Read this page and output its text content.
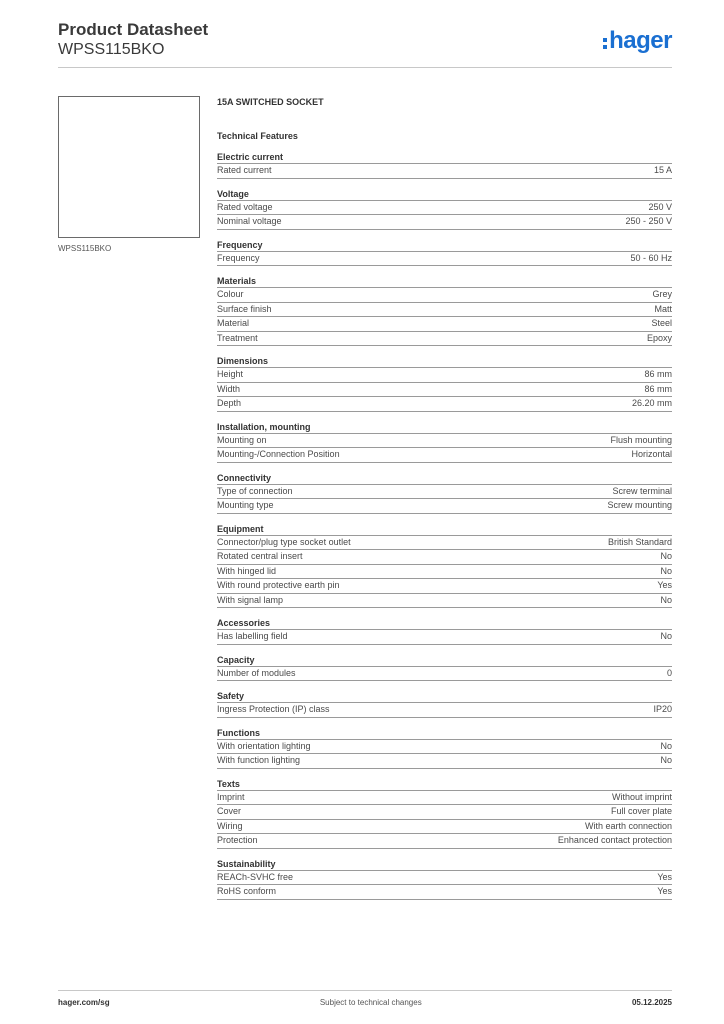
Product Datasheet
WPSS115BKO	hager
WPSS115BKO
15A SWITCHED SOCKET
Technical Features
Electric current
Rated current	15 A
Voltage
Rated voltage	250 V
Nominal voltage	250 - 250 V
Frequency
Frequency	50 - 60 Hz
Materials
Colour	Grey
Surface finish	Matt
Material	Steel
Treatment	Epoxy
Dimensions
Height	86 mm
Width	86 mm
Depth	26.20 mm
Installation, mounting
Mounting on	Flush mounting
Mounting-/Connection Position	Horizontal
Connectivity
Type of connection	Screw terminal
Mounting type	Screw mounting
Equipment
Connector/plug type socket outlet	British Standard
Rotated central insert	No
With hinged lid	No
With round protective earth pin	Yes
With signal lamp	No
Accessories
Has labelling field	No
Capacity
Number of modules	0
Safety
Ingress Protection (IP) class	IP20
Functions
With orientation lighting	No
With function lighting	No
Texts
Imprint	Without imprint
Cover	Full cover plate
Wiring	With earth connection
Protection	Enhanced contact protection
Sustainability
REACh-SVHC free	Yes
RoHS conform	Yes
hager.com/sg	Subject to technical changes	05.12.2025
